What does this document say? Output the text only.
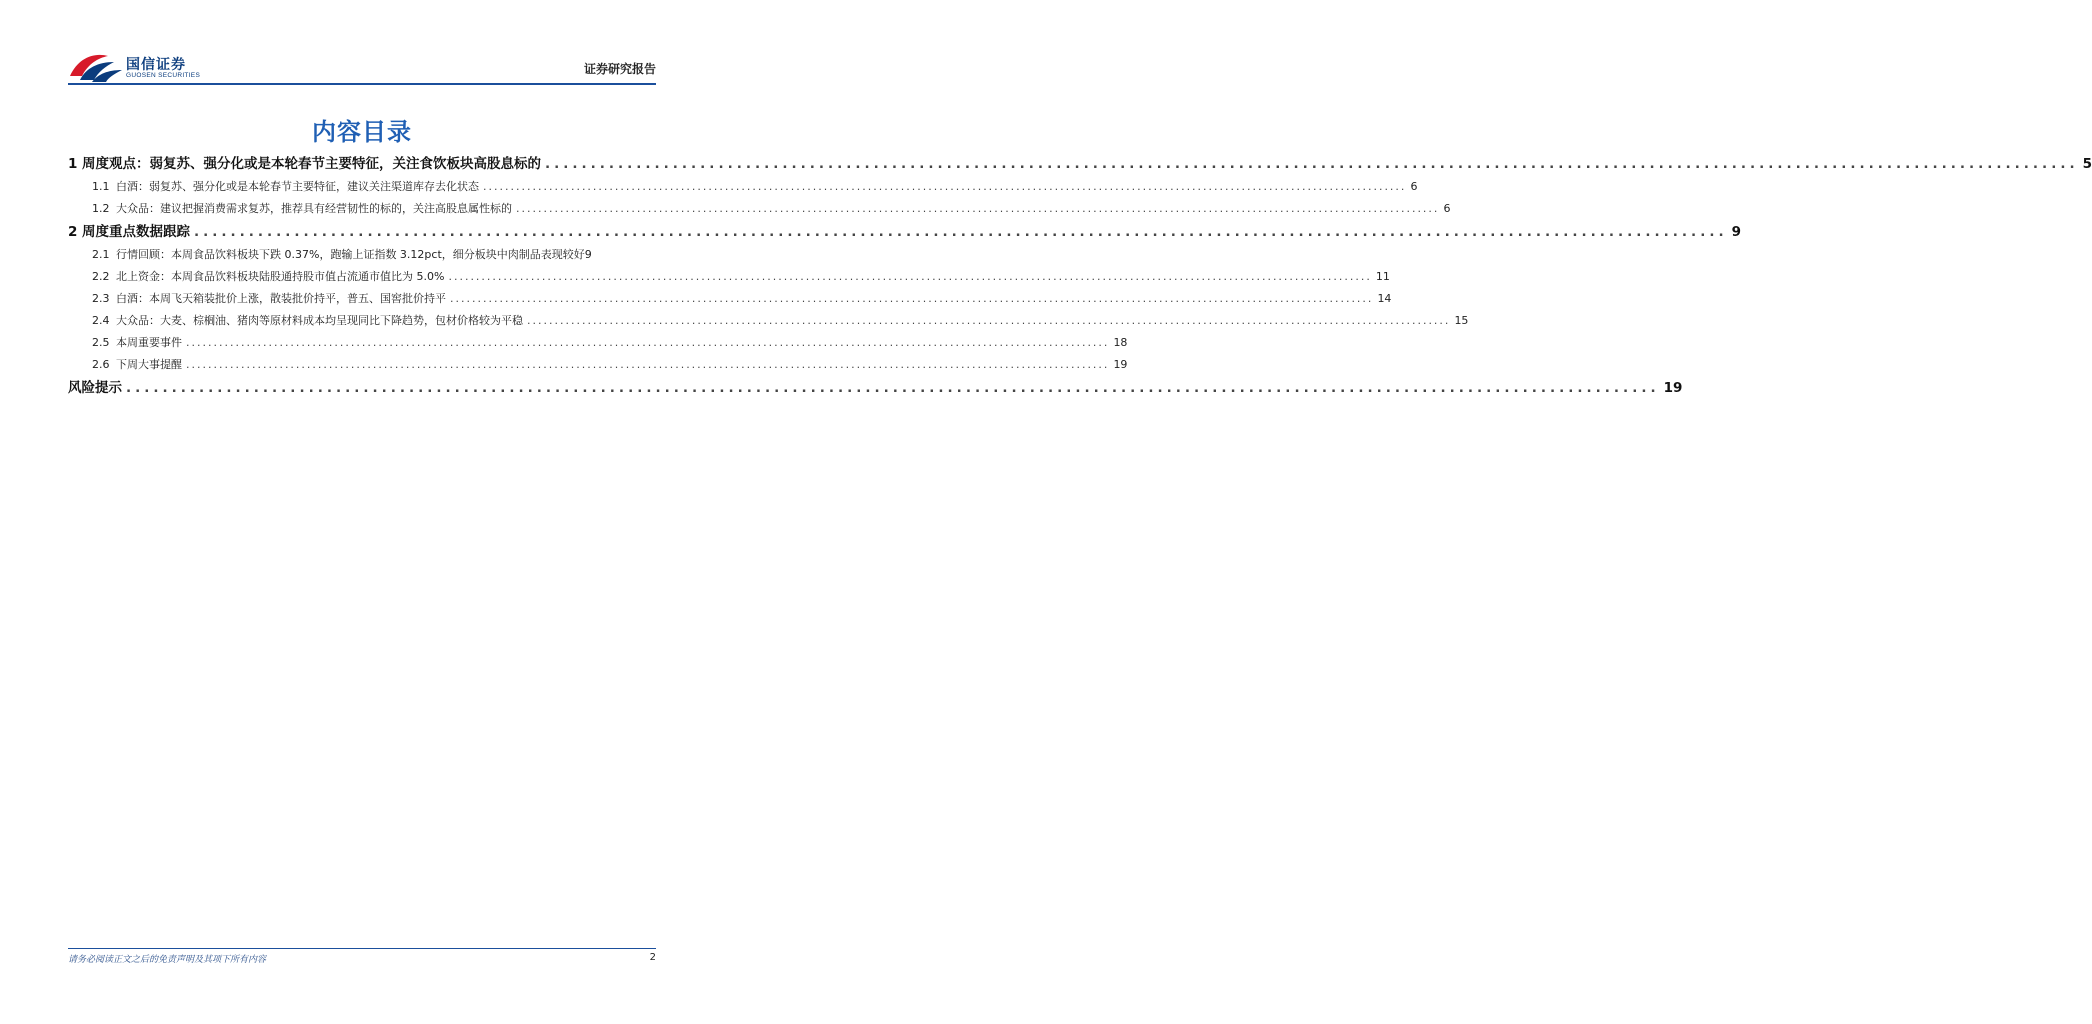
国信证券
GUOSEN SECURITIES	证券研究报告
内容目录
1 周度观点：弱复苏、强分化或是本轮春节主要特征，关注食饮板块高股息标的 .....	5
1.1 白酒：弱复苏、强分化或是本轮春节主要特征，建议关注渠道库存去化状态 .....	6
1.2 大众品：建议把握消费需求复苏，推荐具有经营韧性的标的，关注高股息属性标的 .....	6
2 周度重点数据跟踪 .....	9
2.1 行情回顾：本周食品饮料板块下跌 0.37%，跑输上证指数 3.12pct，细分板块中肉制品表现较好 9
2.2 北上资金：本周食品饮料板块陆股通持股市值占流通市值比为 5.0% .....	11
2.3 白酒：本周飞天箱装批价上涨，散装批价持平，普五、国窖批价持平 .....	14
2.4 大众品：大麦、棕榈油、猪肉等原材料成本均呈现同比下降趋势，包材价格较为平稳 .....	15
2.5 本周重要事件 .....	18
2.6 下周大事提醒 .....	19
风险提示 .....	19
请务必阅读正文之后的免责声明及其项下所有内容	2
